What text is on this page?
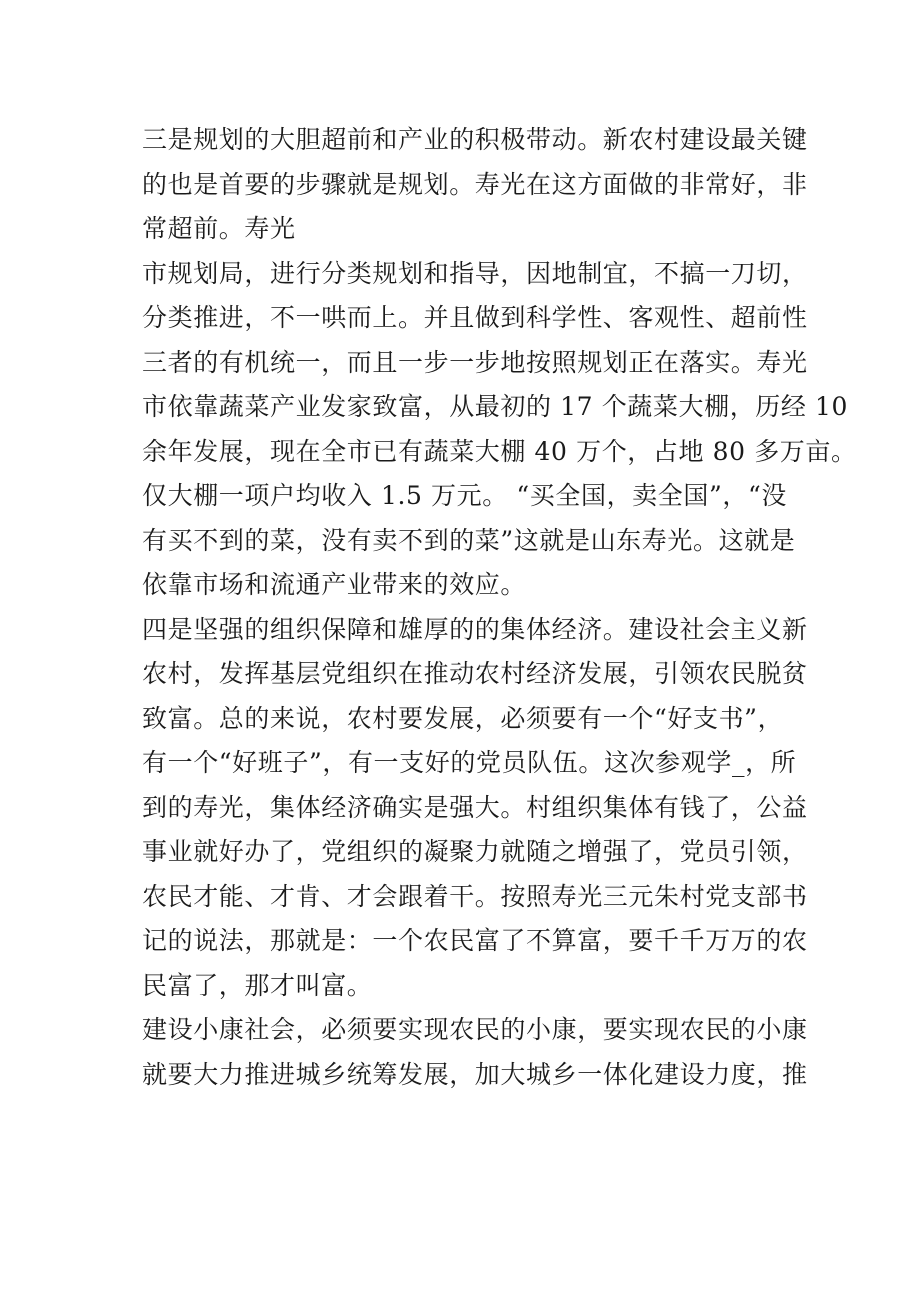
三是规划的大胆超前和产业的积极带动。新农村建设最关键
的也是首要的步骤就是规划。寿光在这方面做的非常好，非
常超前。寿光
市规划局，进行分类规划和指导，因地制宜，不搞一刀切，
分类推进，不一哄而上。并且做到科学性、客观性、超前性
三者的有机统一，而且一步一步地按照规划正在落实。寿光
市依靠蔬菜产业发家致富，从最初的 17 个蔬菜大棚，历经 10
余年发展，现在全市已有蔬菜大棚 40 万个，占地 80 多万亩。
仅大棚一项户均收入 1.5 万元。 “买全国，卖全国”，“没
有买不到的菜，没有卖不到的菜”这就是山东寿光。这就是
依靠市场和流通产业带来的效应。
四是坚强的组织保障和雄厚的的集体经济。建设社会主义新
农村，发挥基层党组织在推动农村经济发展，引领农民脱贫
致富。总的来说，农村要发展，必须要有一个“好支书”，
有一个“好班子”，有一支好的党员队伍。这次参观学_，所
到的寿光，集体经济确实是强大。村组织集体有钱了，公益
事业就好办了，党组织的凝聚力就随之增强了，党员引领，
农民才能、才肯、才会跟着干。按照寿光三元朱村党支部书
记的说法，那就是：一个农民富了不算富，要千千万万的农
民富了，那才叫富。
建设小康社会，必须要实现农民的小康，要实现农民的小康
就要大力推进城乡统筹发展，加大城乡一体化建设力度，推
